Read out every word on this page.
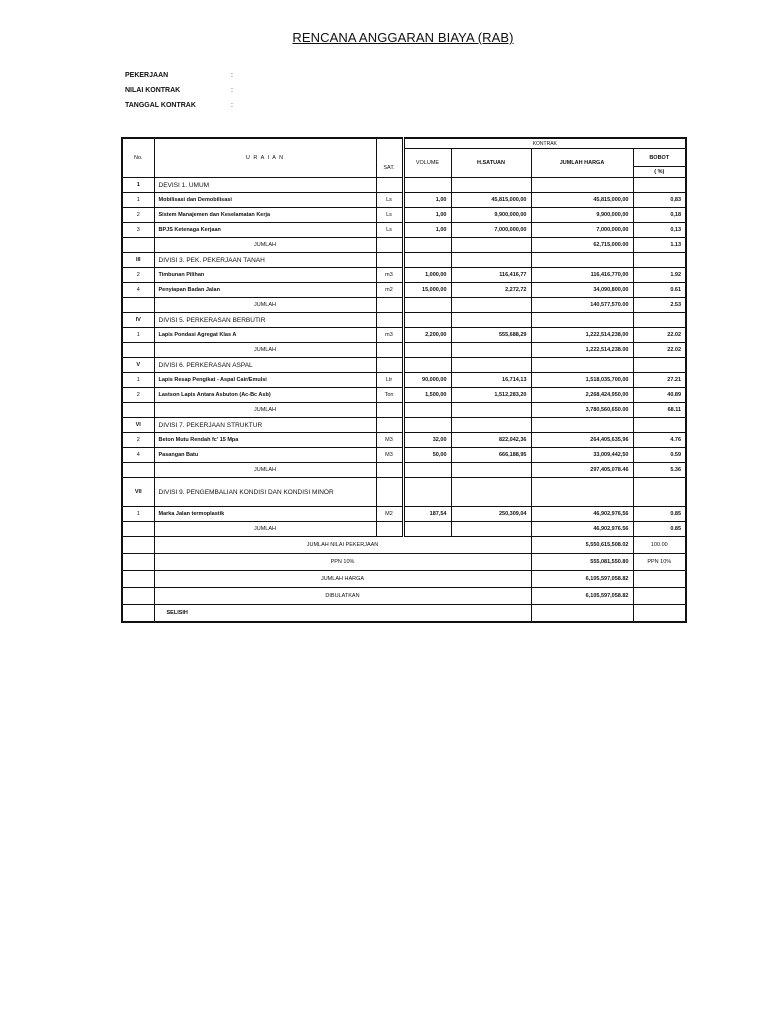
RENCANA ANGGARAN BIAYA (RAB)
PEKERJAAN	:
NILAI KONTRAK	:
TANGGAL KONTRAK	:
No.	U R A I A N	SAT.	KONTRAK			
			VOLUME	H.SATUAN	JUMLAH HARGA	BOBOT
						( %)
1	DEVISI 1. UMUM					
1	Mobilisasi dan Demobilisasi	Ls	1,00	45,815,000,00	45,815,000,00	0,83
2	Sistem Manajemen dan Keselamatan Kerja	Ls	1,00	9,900,000,00	9,900,000,00	0,18
3	BPJS Ketenaga Kerjaan	Ls	1,00	7,000,000,00	7,000,000,00	0,13
	JUMLAH				62,715,000.00	1.13
III	DIVISI 3. PEK. PEKERJAAN TANAH					
2	Timbunan Pilihan	m3	1,000,00	116,416,77	116,416,770,00	1.92
4	Penyiapan Badan Jalan	m2	15,000,00	2,272,72	34,090,800,00	0.61
	JUMLAH				140,577,570.00	2.53
IV	DIVISI 5. PERKERASAN BERBUTIR					
1	Lapis Pondasi Agregat Klas A	m3	2,200,00	555,688,29	1,222,514,238,00	22.02
	JUMLAH				1,222,514,238.00	22.02
V	DIVISI 6. PERKERASAN ASPAL					
1	Lapis Resap Pengikat - Aspal Cair/Emulsi	Ltr	90,000,00	16,714,13	1,518,035,700,00	27.21
2	Lastson Lapis Antara Asbuton (Ac-Bc Asb)	Ton	1,500,00	1,512,283,20	2,268,424,950,00	40.89
	JUMLAH				3,780,560,650.00	68.11
VI	DIVISI 7. PEKERJAAN STRUKTUR					
2	Beton Mutu Rendah fc' 15 Mpa	M3	32,00	822,042,36	264,405,635,96	4.76
4	Pasangan Batu	M3	50,00	666,188,95	33,009,442,50	0.59
	JUMLAH				297,405,078.46	5.36
VII	DIVISI 9. PENGEMBALIAN KONDISI DAN KONDISI MINOR					
1	Marka Jalan termoplastik	M2	187,54	250,309,04	46,902,976,56	0.85
	JUMLAH				46,902,976.56	0.85
	JUMLAH NILAI PEKERJAAN				5,550,615,508.02	100.00
	PPN 10%				555,081,550.80	PPN 10%
	JUMLAH HARGA				6,105,597,058.82	
	DIBULATKAN				6,105,597,058.82	
	SELISIH					
